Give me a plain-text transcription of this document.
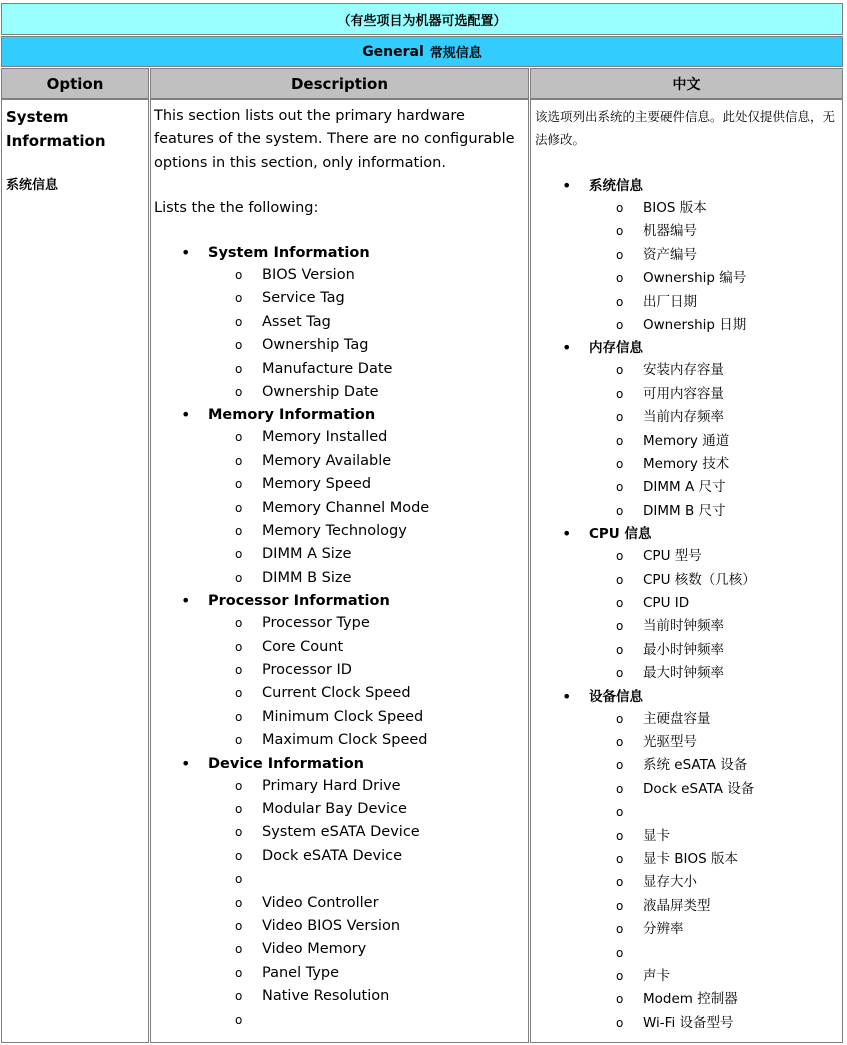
（有些项目为机器可选配置）
General 常规信息
Option	Description	中文
System Information
系统信息
This section lists out the primary hardware features of the system. There are no configurable options in this section, only information.
Lists the the following:
• System Information
o BIOS Version
o Service Tag
o Asset Tag
o Ownership Tag
o Manufacture Date
o Ownership Date
• Memory Information
o Memory Installed
o Memory Available
o Memory Speed
o Memory Channel Mode
o Memory Technology
o DIMM A Size
o DIMM B Size
• Processor Information
o Processor Type
o Core Count
o Processor ID
o Current Clock Speed
o Minimum Clock Speed
o Maximum Clock Speed
• Device Information
o Primary Hard Drive
o Modular Bay Device
o System eSATA Device
o Dock eSATA Device
o
o Video Controller
o Video BIOS Version
o Video Memory
o Panel Type
o Native Resolution
o
该选项列出系统的主要硬件信息。此处仅提供信息，无法修改。
• 系统信息
o BIOS 版本
o 机器编号
o 资产编号
o Ownership 编号
o 出厂日期
o Ownership 日期
• 内存信息
o 安装内存容量
o 可用内容容量
o 当前内存频率
o Memory 通道
o Memory 技术
o DIMM A 尺寸
o DIMM B 尺寸
• CPU 信息
o CPU 型号
o CPU 核数（几核）
o CPU ID
o 当前时钟频率
o 最小时钟频率
o 最大时钟频率
• 设备信息
o 主硬盘容量
o 光驱型号
o 系统 eSATA 设备
o Dock eSATA 设备
o
o 显卡
o 显卡 BIOS 版本
o 显存大小
o 液晶屏类型
o 分辨率
o
o 声卡
o Modem 控制器
o Wi-Fi 设备型号
